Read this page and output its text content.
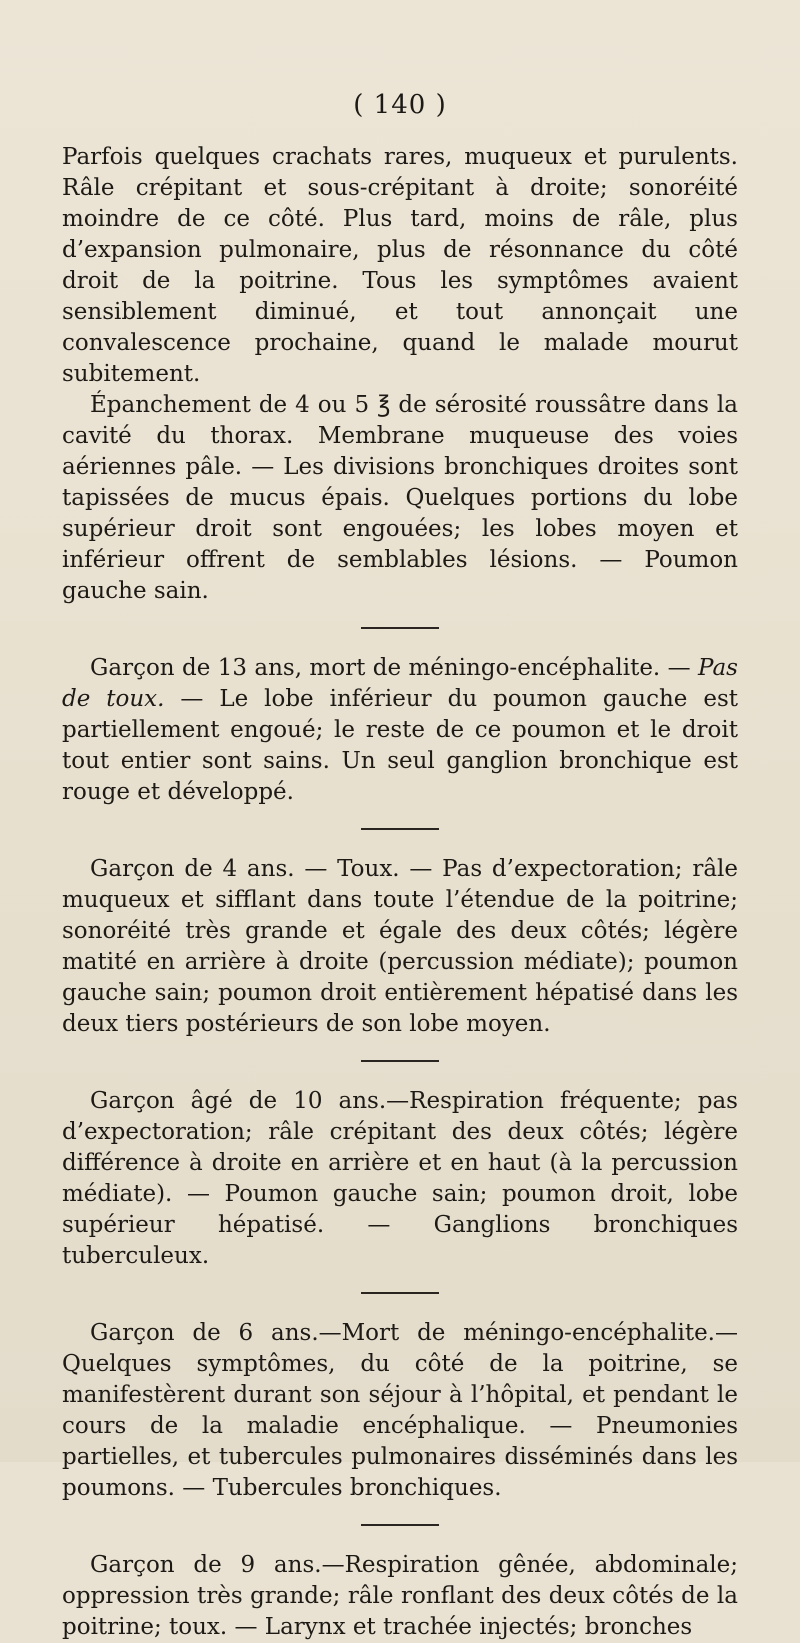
( 140 )

Parfois quelques crachats rares, muqueux et purulents. Râle crépitant et sous-crépitant à droite; sonoréité moindre de ce côté. Plus tard, moins de râle, plus d’expansion pulmonaire, plus de résonnance du côté droit de la poitrine. Tous les symptômes avaient sensiblement diminué, et tout annonçait une convalescence prochaine, quand le malade mourut subitement.

Épanchement de 4 ou 5 ℥ de sérosité roussâtre dans la cavité du thorax. Membrane muqueuse des voies aériennes pâle. — Les divisions bronchiques droites sont tapissées de mucus épais. Quelques portions du lobe supérieur droit sont engouées; les lobes moyen et inférieur offrent de semblables lésions. — Poumon gauche sain.

Garçon de 13 ans, mort de méningo-encéphalite. — Pas de toux. — Le lobe inférieur du poumon gauche est partiellement engoué; le reste de ce poumon et le droit tout entier sont sains. Un seul ganglion bronchique est rouge et développé.

Garçon de 4 ans. — Toux. — Pas d’expectoration; râle muqueux et sifflant dans toute l’étendue de la poitrine; sonoréité très grande et égale des deux côtés; légère matité en arrière à droite (percussion médiate); poumon gauche sain; poumon droit entièrement hépatisé dans les deux tiers postérieurs de son lobe moyen.

Garçon âgé de 10 ans.—Respiration fréquente; pas d’expectoration; râle crépitant des deux côtés; légère différence à droite en arrière et en haut (à la percussion médiate). — Poumon gauche sain; poumon droit, lobe supérieur hépatisé. — Ganglions bronchiques tuberculeux.

Garçon de 6 ans.—Mort de méningo-encéphalite.—Quelques symptômes, du côté de la poitrine, se manifestèrent durant son séjour à l’hôpital, et pendant le cours de la maladie encéphalique. — Pneumonies partielles, et tubercules pulmonaires disséminés dans les poumons. — Tubercules bronchiques.

Garçon de 9 ans.—Respiration gênée, abdominale; oppression très grande; râle ronflant des deux côtés de la poitrine; toux. — Larynx et trachée injectés; bronches
